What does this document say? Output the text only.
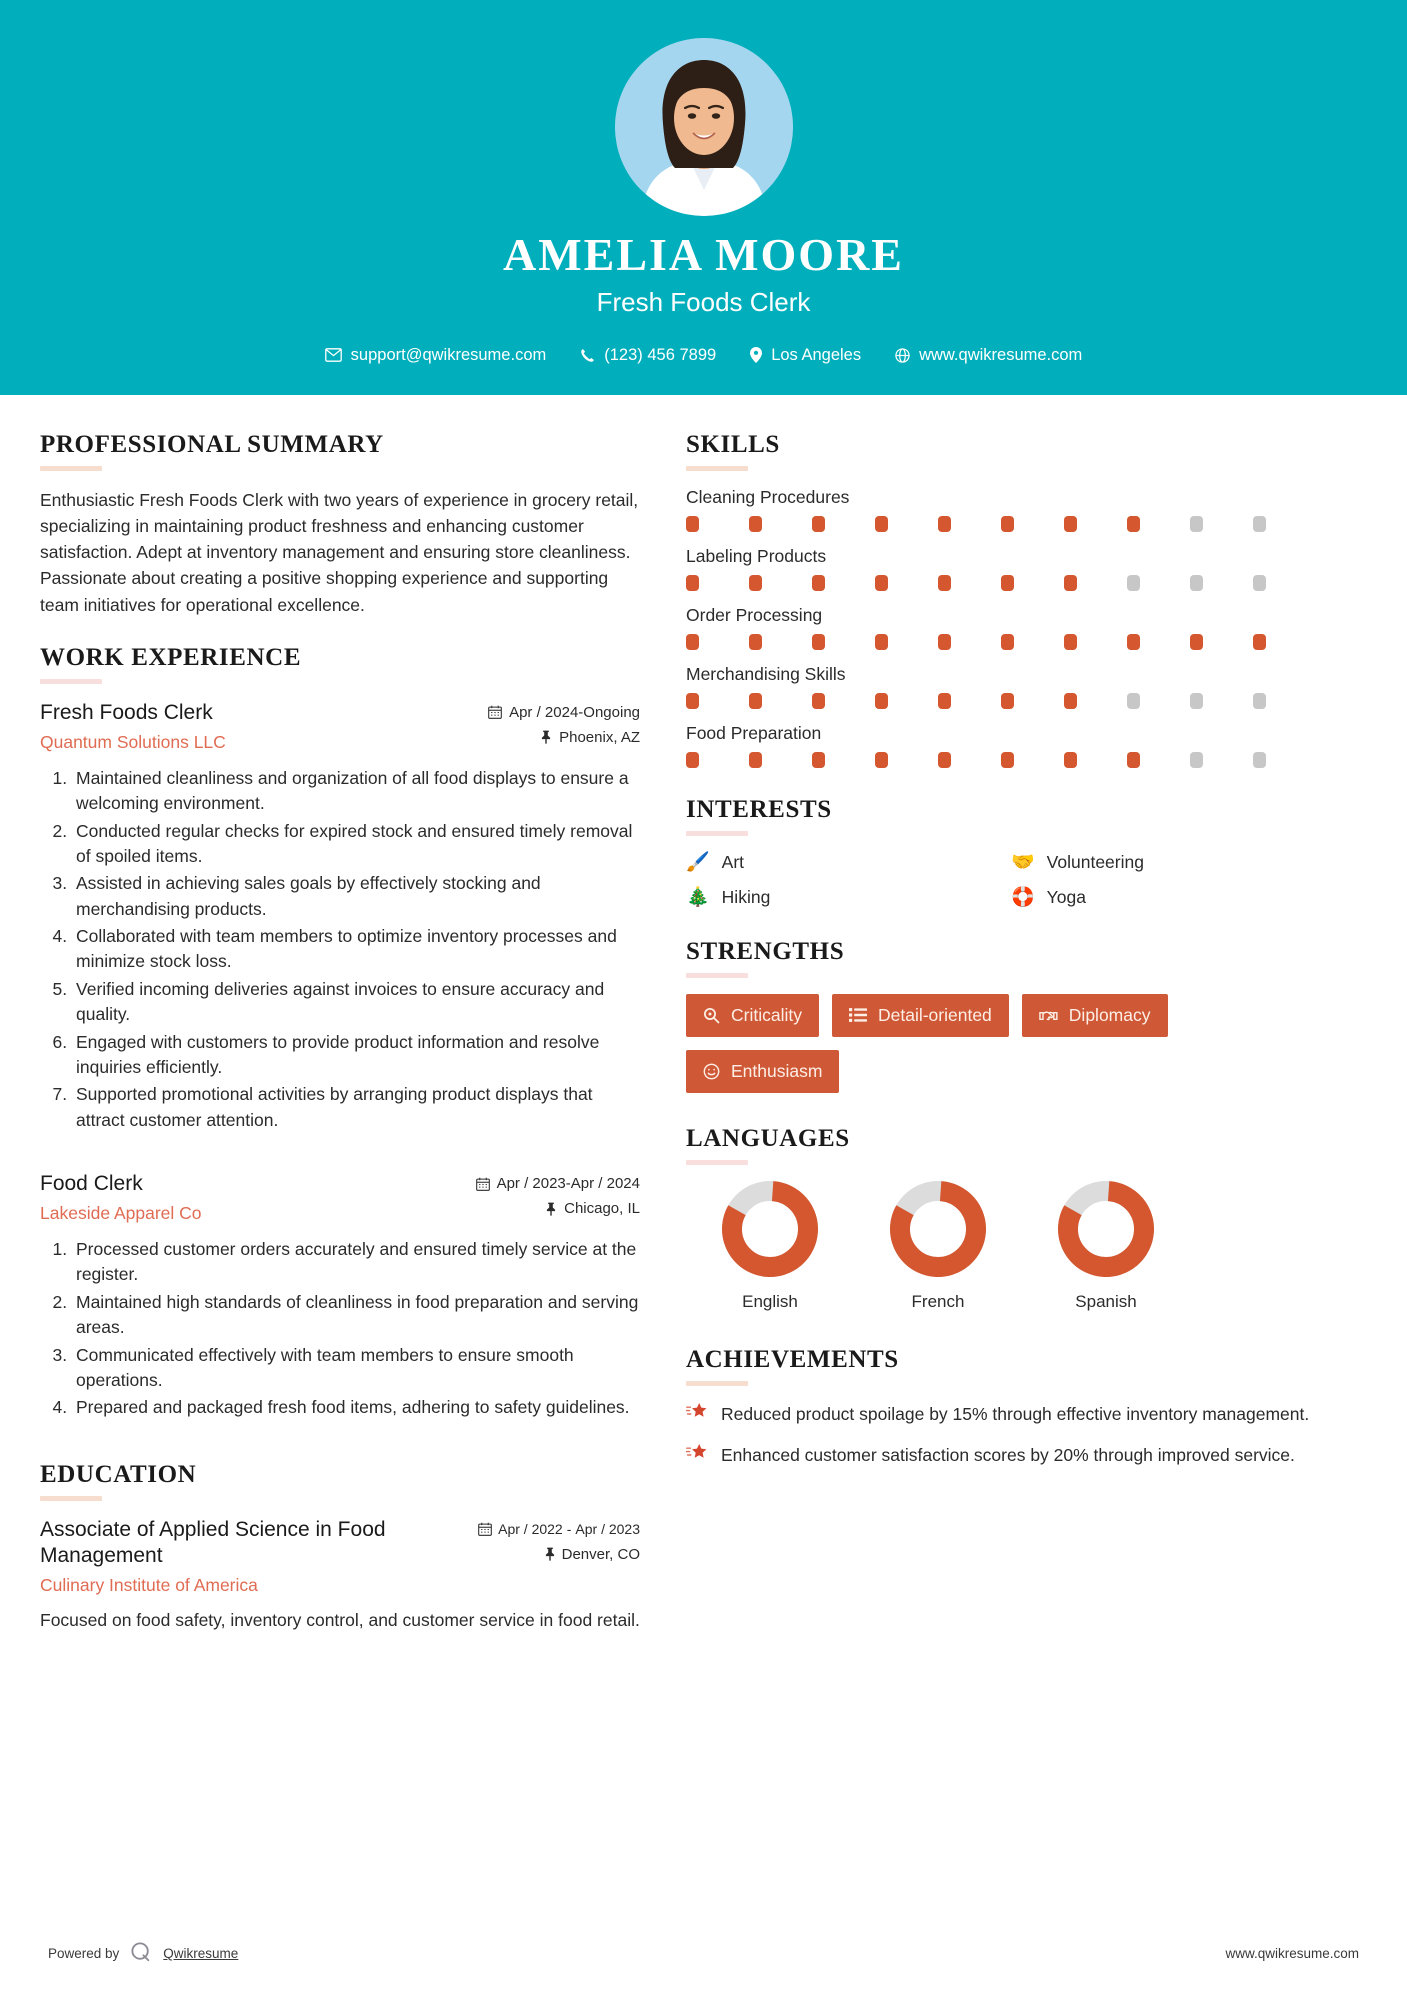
AMELIA MOORE
Fresh Foods Clerk
support@qwikresume.com	(123) 456 7899	Los Angeles	www.qwikresume.com
PROFESSIONAL SUMMARY
Enthusiastic Fresh Foods Clerk with two years of experience in grocery retail, specializing in maintaining product freshness and enhancing customer satisfaction. Adept at inventory management and ensuring store cleanliness. Passionate about creating a positive shopping experience and supporting team initiatives for operational excellence.
WORK EXPERIENCE
Fresh Foods Clerk
Quantum Solutions LLC
Apr / 2024-Ongoing
Phoenix, AZ
1. Maintained cleanliness and organization of all food displays to ensure a welcoming environment.
2. Conducted regular checks for expired stock and ensured timely removal of spoiled items.
3. Assisted in achieving sales goals by effectively stocking and merchandising products.
4. Collaborated with team members to optimize inventory processes and minimize stock loss.
5. Verified incoming deliveries against invoices to ensure accuracy and quality.
6. Engaged with customers to provide product information and resolve inquiries efficiently.
7. Supported promotional activities by arranging product displays that attract customer attention.
Food Clerk
Lakeside Apparel Co
Apr / 2023-Apr / 2024
Chicago, IL
1. Processed customer orders accurately and ensured timely service at the register.
2. Maintained high standards of cleanliness in food preparation and serving areas.
3. Communicated effectively with team members to ensure smooth operations.
4. Prepared and packaged fresh food items, adhering to safety guidelines.
EDUCATION
Associate of Applied Science in Food Management
Culinary Institute of America
Apr / 2022 - Apr / 2023
Denver, CO
Focused on food safety, inventory control, and customer service in food retail.
SKILLS
Cleaning Procedures
Labeling Products
Order Processing
Merchandising Skills
Food Preparation
INTERESTS
🖌️ Art	🤝 Volunteering
🎄 Hiking	🛟 Yoga
STRENGTHS
Criticality	Detail-oriented	Diplomacy
Enthusiasm
LANGUAGES
English	French	Spanish
ACHIEVEMENTS
Reduced product spoilage by 15% through effective inventory management.
Enhanced customer satisfaction scores by 20% through improved service.
Powered by	Qwikresume	www.qwikresume.com
